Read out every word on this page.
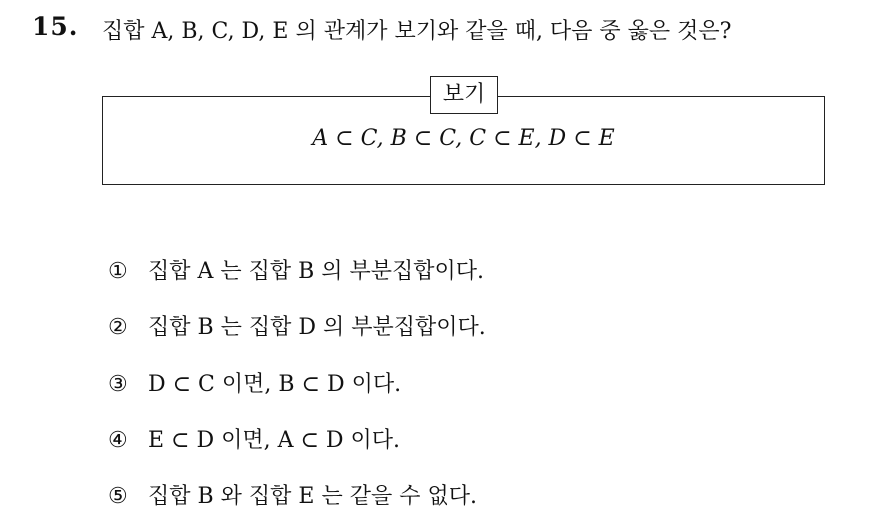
15. 집합 A, B, C, D, E 의 관계가 보기와 같을 때, 다음 중 옳은 것은?
보기
A ⊂ C, B ⊂ C, C ⊂ E, D ⊂ E
① 집합 A 는 집합 B 의 부분집합이다.
② 집합 B 는 집합 D 의 부분집합이다.
③ D ⊂ C 이면, B ⊂ D 이다.
④ E ⊂ D 이면, A ⊂ D 이다.
⑤ 집합 B 와 집합 E 는 같을 수 없다.
